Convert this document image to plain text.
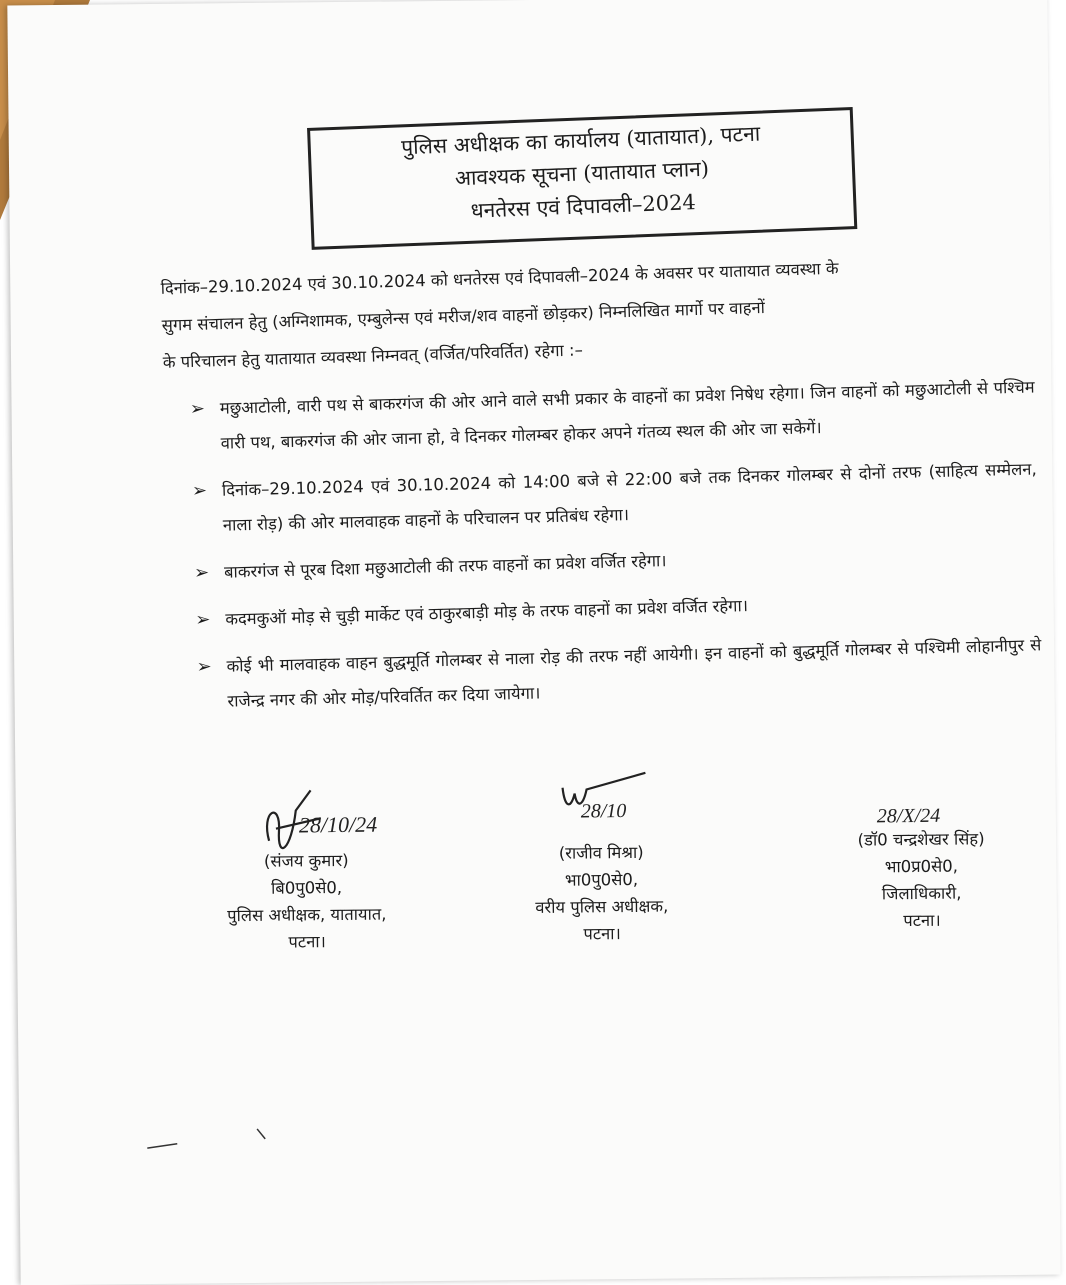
पुलिस अधीक्षक का कार्यालय (यातायात), पटना
आवश्यक सूचना (यातायात प्लान)
धनतेरस एवं दिपावली–2024
दिनांक–29.10.2024 एवं 30.10.2024 को धनतेरस एवं दिपावली–2024 के अवसर पर यातायात व्यवस्था के
सुगम संचालन हेतु (अग्निशामक, एम्बुलेन्स एवं मरीज/शव वाहनों छोड़कर) निम्नलिखित मार्गो पर वाहनों
के परिचालन हेतु यातायात व्यवस्था निम्नवत् (वर्जित/परिवर्तित) रहेगा :–
➢ मछुआटोली, वारी पथ से बाकरगंज की ओर आने वाले सभी प्रकार के वाहनों का प्रवेश निषेध रहेगा। जिन वाहनों को मछुआटोली से पश्चिम वारी पथ, बाकरगंज की ओर जाना हो, वे दिनकर गोलम्बर होकर अपने गंतव्य स्थल की ओर जा सकेगें।
➢ दिनांक–29.10.2024 एवं 30.10.2024 को 14:00 बजे से 22:00 बजे तक दिनकर गोलम्बर से दोनों तरफ (साहित्य सम्मेलन, नाला रोड़) की ओर मालवाहक वाहनों के परिचालन पर प्रतिबंध रहेगा।
➢ बाकरगंज से पूरब दिशा मछुआटोली की तरफ वाहनों का प्रवेश वर्जित रहेगा।
➢ कदमकुऑ मोड़ से चुड़ी मार्केट एवं ठाकुरबाड़ी मोड़ के तरफ वाहनों का प्रवेश वर्जित रहेगा।
➢ कोई भी मालवाहक वाहन बुद्धमूर्ति गोलम्बर से नाला रोड़ की तरफ नहीं आयेगी। इन वाहनों को बुद्धमूर्ति गोलम्बर से पश्चिमी लोहानीपुर से राजेन्द्र नगर की ओर मोड़/परिवर्तित कर दिया जायेगा।
28/10/24
28/10	28/X/24
(संजय कुमार)
बि0पु0से0,
पुलिस अधीक्षक, यातायात,
पटना।
(राजीव मिश्रा)
भा0पु0से0,
वरीय पुलिस अधीक्षक,
पटना।
(डॉ0 चन्द्रशेखर सिंह)
भा0प्र0से0,
जिलाधिकारी,
पटना।
